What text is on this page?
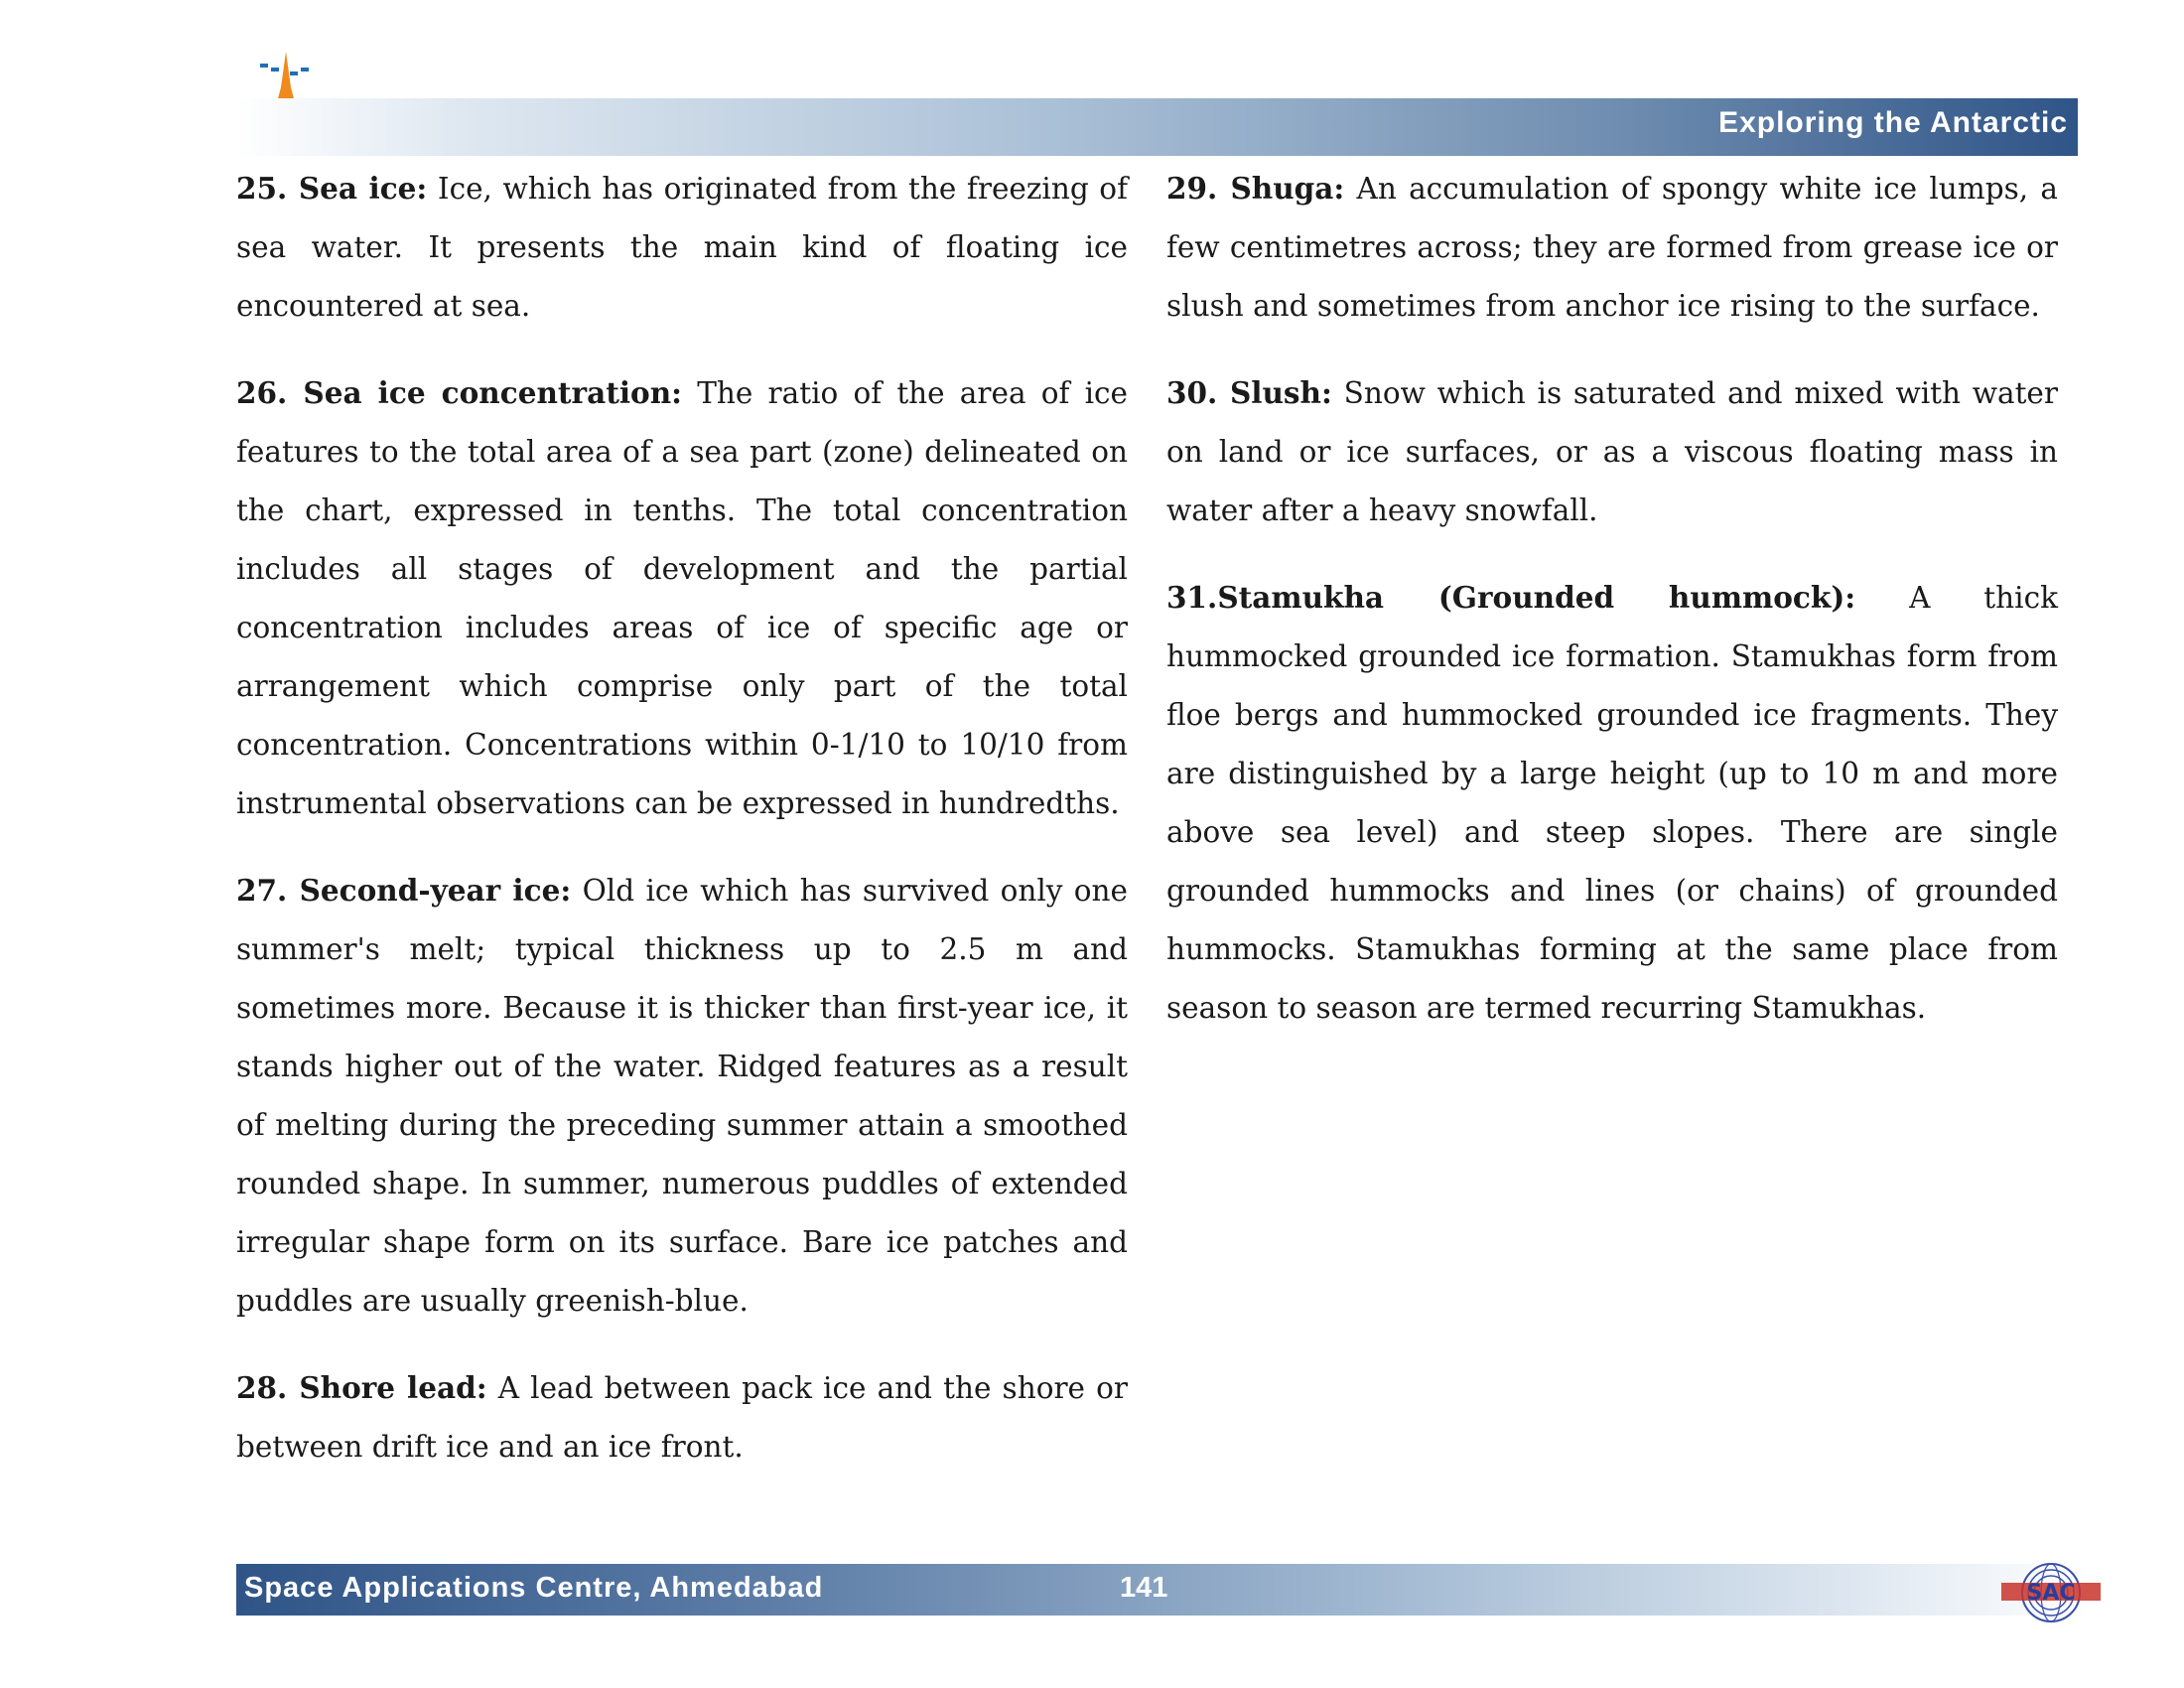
Exploring the Antarctic

25. Sea ice: Ice, which has originated from the freezing of sea water. It presents the main kind of floating ice encountered at sea.

26. Sea ice concentration: The ratio of the area of ice features to the total area of a sea part (zone) delineated on the chart, expressed in tenths. The total concentration includes all stages of development and the partial concentration includes areas of ice of specific age or arrangement which comprise only part of the total concentration. Concentrations within 0-1/10 to 10/10 from instrumental observations can be expressed in hundredths.

27. Second-year ice: Old ice which has survived only one summer's melt; typical thickness up to 2.5 m and sometimes more. Because it is thicker than first-year ice, it stands higher out of the water. Ridged features as a result of melting during the preceding summer attain a smoothed rounded shape. In summer, numerous puddles of extended irregular shape form on its surface. Bare ice patches and puddles are usually greenish-blue.

28. Shore lead: A lead between pack ice and the shore or between drift ice and an ice front.

29. Shuga: An accumulation of spongy white ice lumps, a few centimetres across; they are formed from grease ice or slush and sometimes from anchor ice rising to the surface.

30. Slush: Snow which is saturated and mixed with water on land or ice surfaces, or as a viscous floating mass in water after a heavy snowfall.

31.Stamukha (Grounded hummock): A thick hummocked grounded ice formation. Stamukhas form from floe bergs and hummocked grounded ice fragments. They are distinguished by a large height (up to 10 m and more above sea level) and steep slopes. There are single grounded hummocks and lines (or chains) of grounded hummocks. Stamukhas forming at the same place from season to season are termed recurring Stamukhas.

Space Applications Centre, Ahmedabad	141	SAC
